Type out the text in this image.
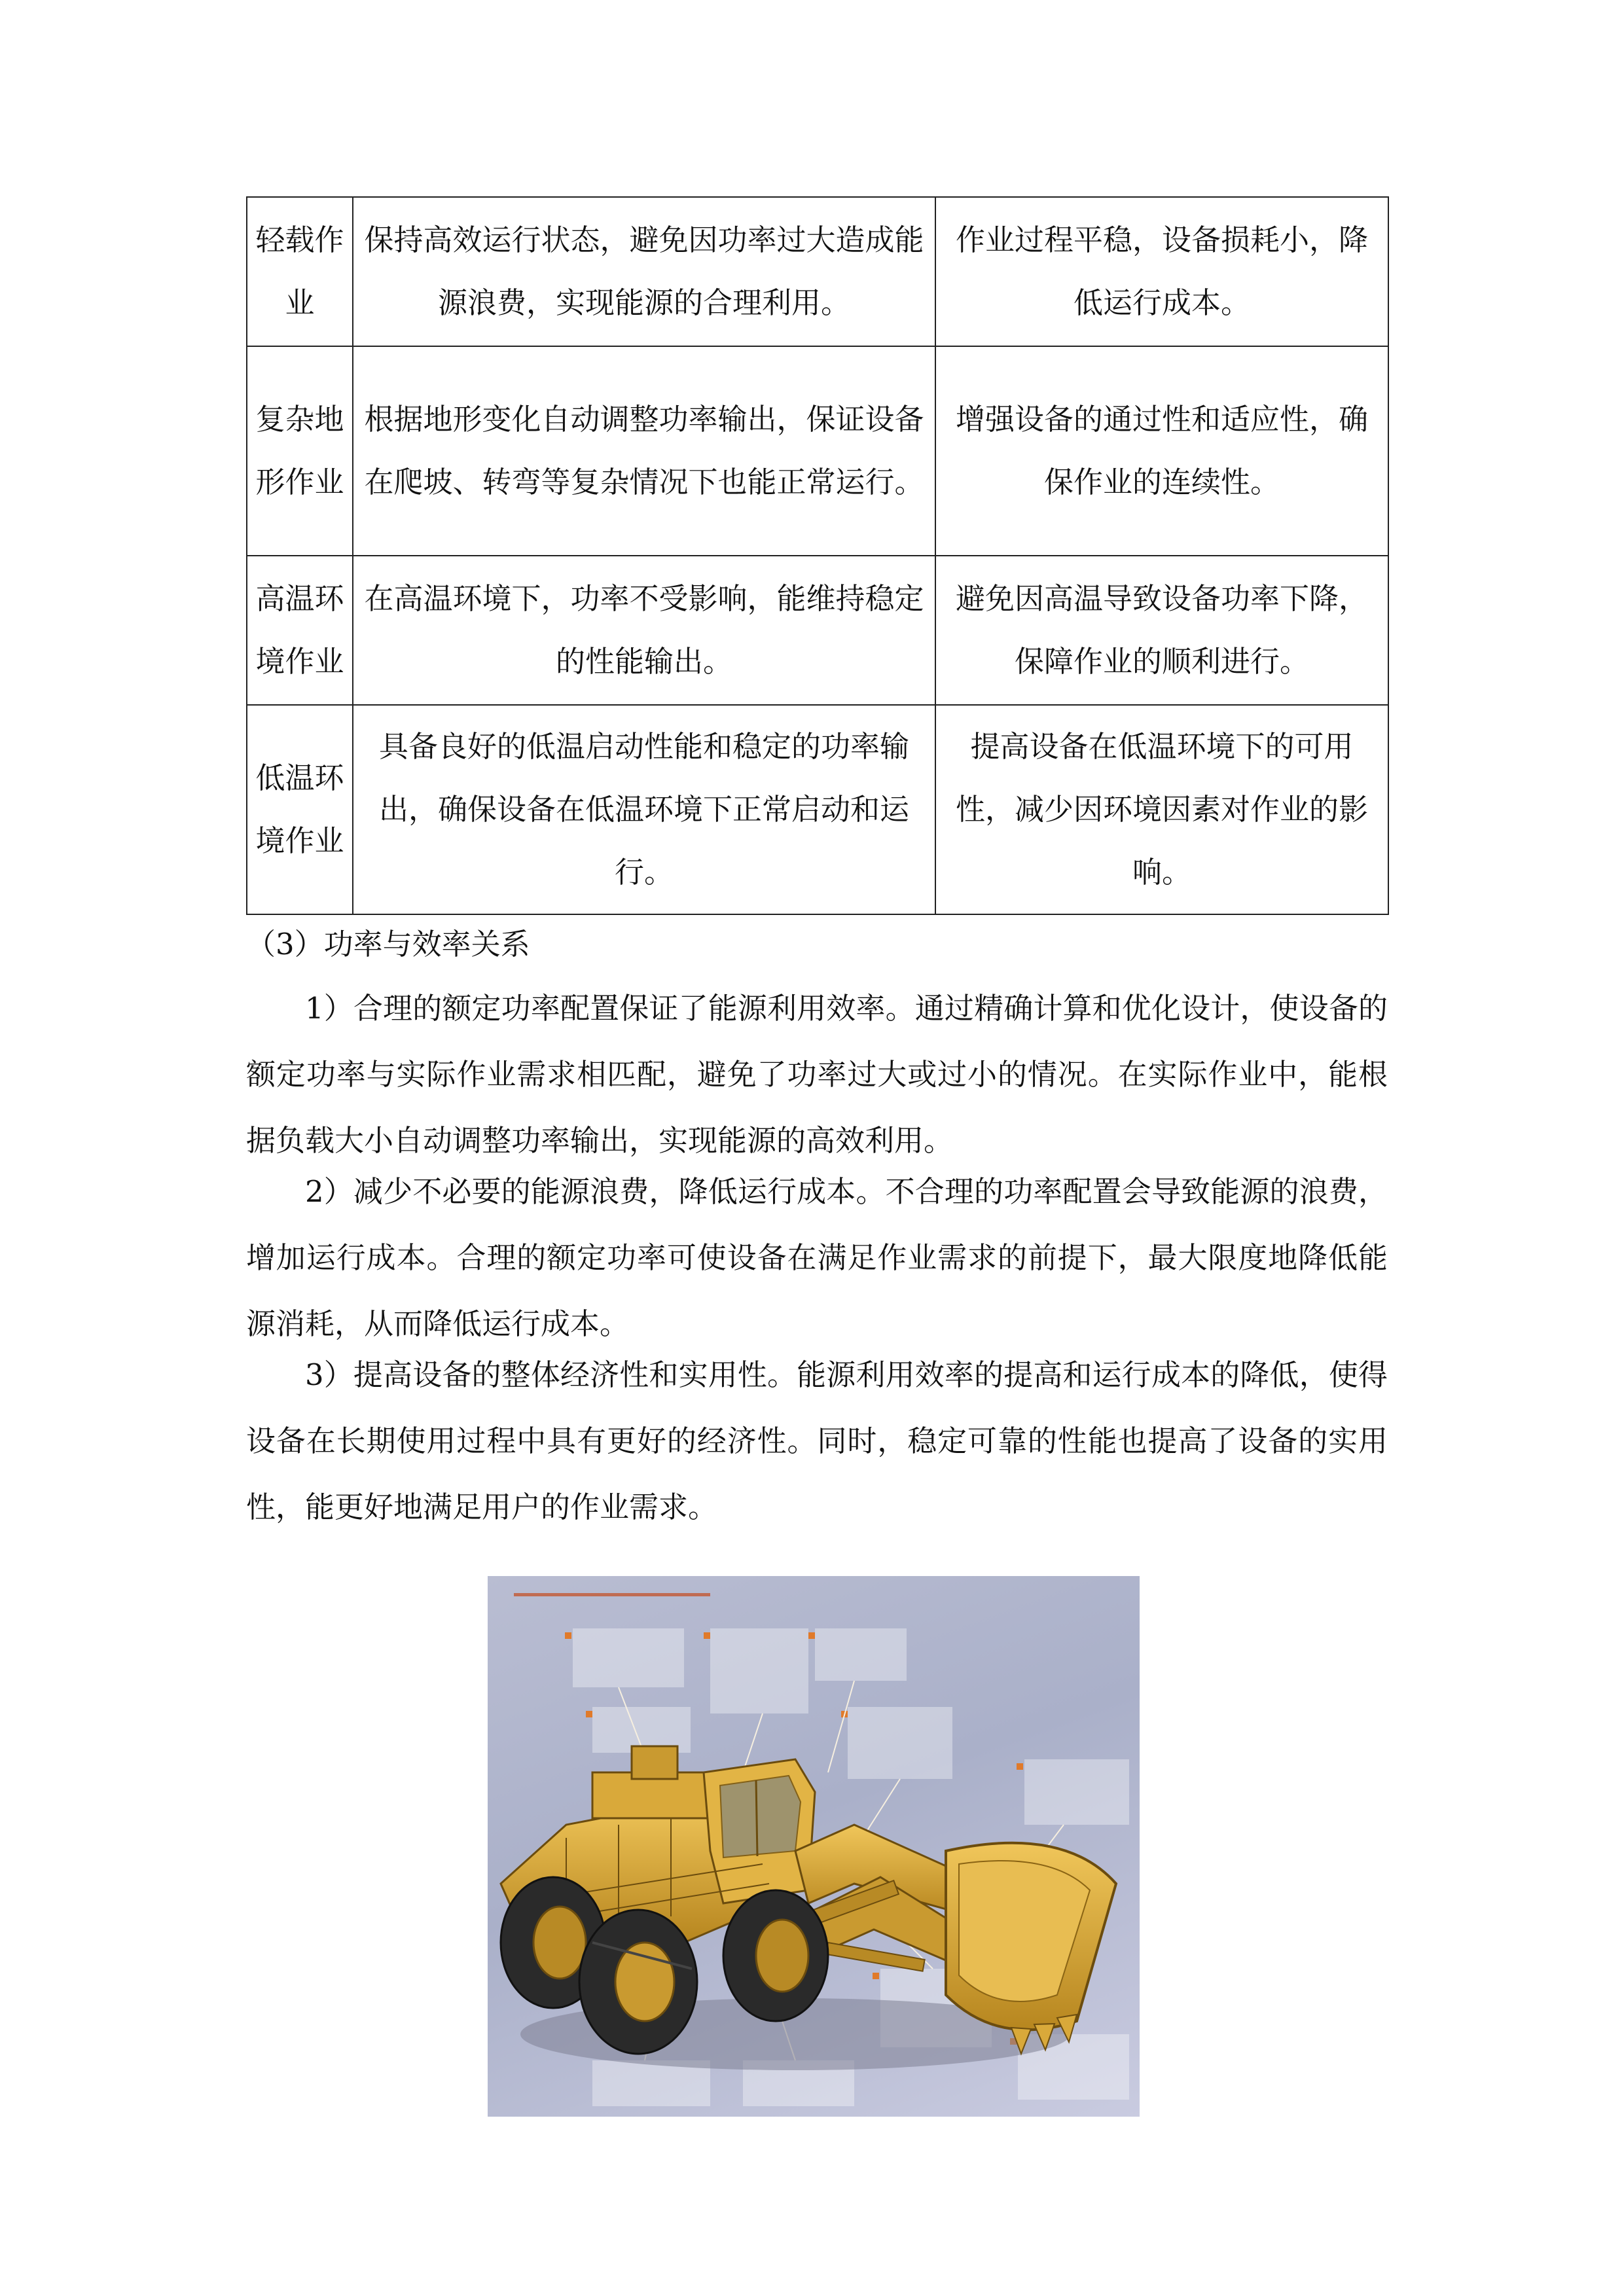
轻载作业	保持高效运行状态，避免因功率过大造成能源浪费，实现能源的合理利用。	作业过程平稳，设备损耗小，降低运行成本。
复杂地形作业	根据地形变化自动调整功率输出，保证设备在爬坡、转弯等复杂情况下也能正常运行。	增强设备的通过性和适应性，确保作业的连续性。
高温环境作业	在高温环境下，功率不受影响，能维持稳定的性能输出。	避免因高温导致设备功率下降，保障作业的顺利进行。
低温环境作业	具备良好的低温启动性能和稳定的功率输出，确保设备在低温环境下正常启动和运行。	提高设备在低温环境下的可用性，减少因环境因素对作业的影响。
（3）功率与效率关系

1）合理的额定功率配置保证了能源利用效率。通过精确计算和优化设计，使设备的额定功率与实际作业需求相匹配，避免了功率过大或过小的情况。在实际作业中，能根据负载大小自动调整功率输出，实现能源的高效利用。

2）减少不必要的能源浪费，降低运行成本。不合理的功率配置会导致能源的浪费，增加运行成本。合理的额定功率可使设备在满足作业需求的前提下，最大限度地降低能源消耗，从而降低运行成本。

3）提高设备的整体经济性和实用性。能源利用效率的提高和运行成本的降低，使得设备在长期使用过程中具有更好的经济性。同时，稳定可靠的性能也提高了设备的实用性，能更好地满足用户的作业需求。
